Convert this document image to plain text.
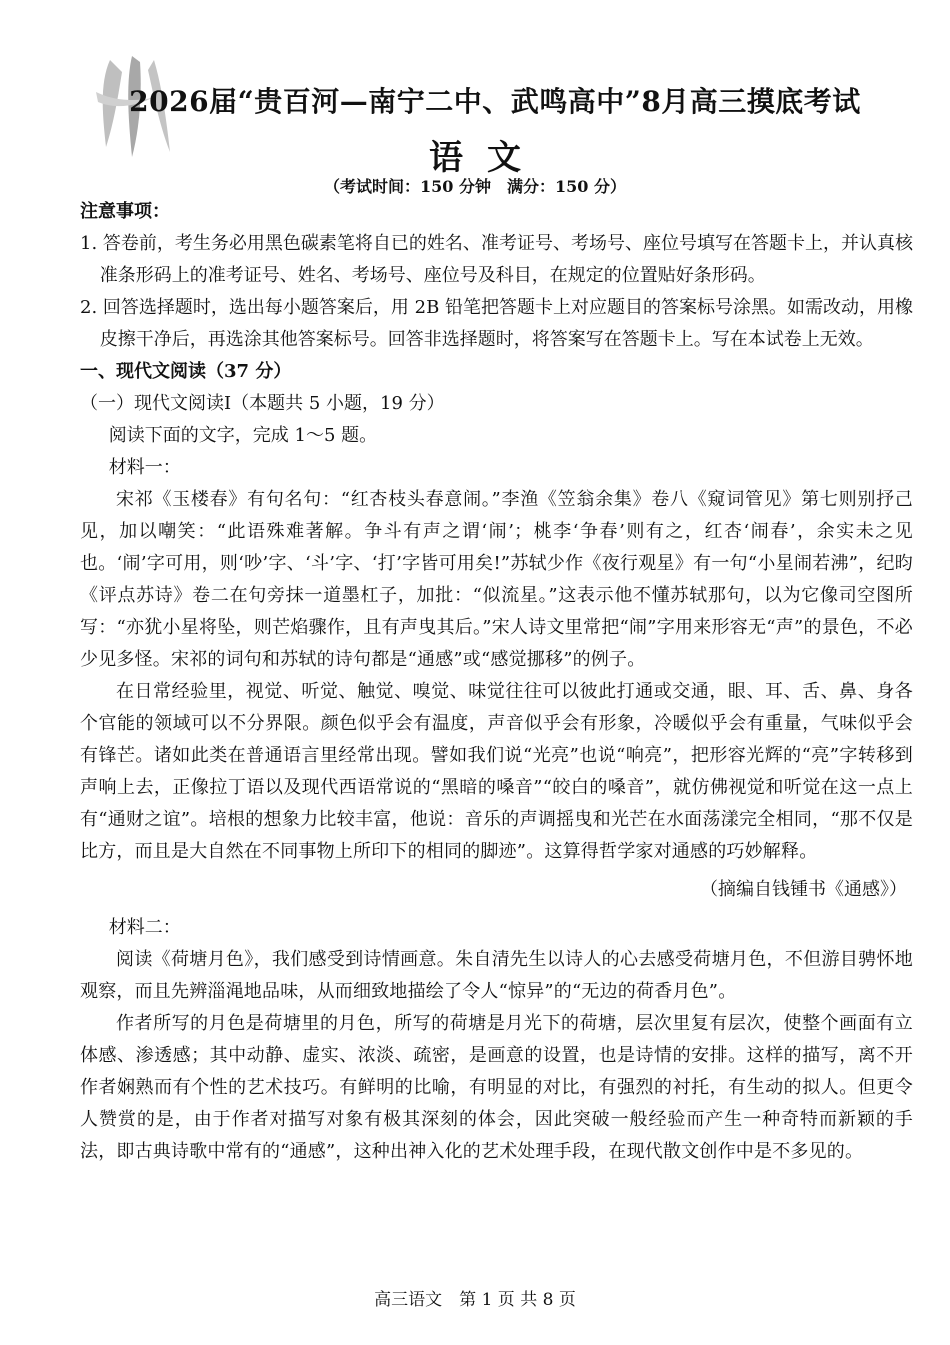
2026届“贵百河—南宁二中、武鸣高中”8月高三摸底考试
语文
（考试时间：150 分钟　满分：150 分）

注意事项：

1. 答卷前，考生务必用黑色碳素笔将自已的姓名、准考证号、考场号、座位号填写在答题卡上，并认真核准条形码上的准考证号、姓名、考场号、座位号及科目，在规定的位置贴好条形码。

2. 回答选择题时，选出每小题答案后，用 2B 铅笔把答题卡上对应题目的答案标号涂黑。如需改动，用橡皮擦干净后，再选涂其他答案标号。回答非选择题时，将答案写在答题卡上。写在本试卷上无效。

一、现代文阅读（37 分）

（一）现代文阅读Ⅰ（本题共 5 小题，19 分）

阅读下面的文字，完成 1～5 题。

材料一：

宋祁《玉楼春》有句名句：“红杏枝头春意闹。”李渔《笠翁余集》卷八《窥词管见》第七则别抒己见，加以嘲笑：“此语殊难著解。争斗有声之谓‘闹’；桃李‘争春’则有之，红杏‘闹春’，余实未之见也。‘闹’字可用，则‘吵’字、‘斗’字、‘打’字皆可用矣!”苏轼少作《夜行观星》有一句“小星闹若沸”，纪昀《评点苏诗》卷二在句旁抹一道墨杠子，加批：“似流星。”这表示他不懂苏轼那句，以为它像司空图所写：“亦犹小星将坠，则芒焰骤作，且有声曳其后。”宋人诗文里常把“闹”字用来形容无“声”的景色，不必少见多怪。宋祁的词句和苏轼的诗句都是“通感”或“感觉挪移”的例子。

在日常经验里，视觉、听觉、触觉、嗅觉、味觉往往可以彼此打通或交通，眼、耳、舌、鼻、身各个官能的领域可以不分界限。颜色似乎会有温度，声音似乎会有形象，冷暖似乎会有重量，气味似乎会有锋芒。诸如此类在普通语言里经常出现。譬如我们说“光亮”也说“响亮”，把形容光辉的“亮”字转移到声响上去，正像拉丁语以及现代西语常说的“黑暗的嗓音”“皎白的嗓音”，就仿佛视觉和听觉在这一点上有“通财之谊”。培根的想象力比较丰富，他说：音乐的声调摇曳和光芒在水面荡漾完全相同，“那不仅是比方，而且是大自然在不同事物上所印下的相同的脚迹”。这算得哲学家对通感的巧妙解释。

（摘编自钱锺书《通感》）

材料二：

阅读《荷塘月色》，我们感受到诗情画意。朱自清先生以诗人的心去感受荷塘月色，不但游目骋怀地观察，而且先辨淄渑地品味，从而细致地描绘了令人“惊异”的“无边的荷香月色”。

作者所写的月色是荷塘里的月色，所写的荷塘是月光下的荷塘，层次里复有层次，使整个画面有立体感、渗透感；其中动静、虚实、浓淡、疏密，是画意的设置，也是诗情的安排。这样的描写，离不开作者娴熟而有个性的艺术技巧。有鲜明的比喻，有明显的对比，有强烈的衬托，有生动的拟人。但更令人赞赏的是，由于作者对描写对象有极其深刻的体会，因此突破一般经验而产生一种奇特而新颖的手法，即古典诗歌中常有的“通感”，这种出神入化的艺术处理手段，在现代散文创作中是不多见的。

高三语文　第 1 页 共 8 页
